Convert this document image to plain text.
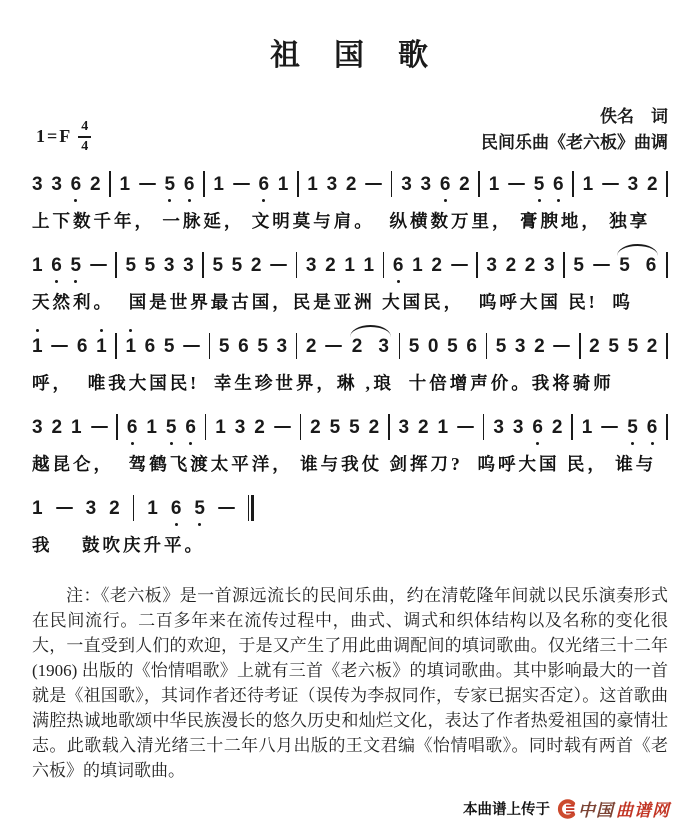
祖　国　歌
1 = F $\frac{4}{4}$
佚名　词
民间乐曲《老六板》曲调
3 3 6 2 1 5 6 1 6 1 1 3 2 3 3 6 2 1 5 6 1 3 2
上下数千年， 一脉延， 文明莫与肩。  纵横数万里， 膏腴地， 独享
1 6 5 5 5 3 3 5 5 2 3 2 1 1 6 1 2 3 2 2 3 5 5 6
天然利。  国是世界最古国，民是亚洲 大国民，  呜呼大国 民!  呜
1 6 1 1 6 5 5 6 5 3 2 2 3 5 0 5 6 5 3 2 2 5 5 2
呼，  唯我大国民!  幸生珍世界，琳 ‚琅  十倍增声价。我将骑师
3 2 1 6 1 5 6 1 3 2 2 5 5 2 3 2 1 3 3 6 2 1 5 6
越昆仑，  驾鹤飞渡太平洋， 谁与我仗 剑挥刀?  呜呼大国 民， 谁与
1 3 2 1 6 5
我    鼓吹庆升平。

注：《老六板》是一首源远流长的民间乐曲，约在清乾隆年间就以民乐演奏形式在民间流行。二百多年来在流传过程中，曲式、调式和织体结构以及名称的变化很大，一直受到人们的欢迎，于是又产生了用此曲调配间的填词歌曲。仅光绪三十二年(1906) 出版的《怡情唱歌》上就有三首《老六板》的填词歌曲。其中影响最大的一首就是《祖国歌》，其词作者还待考证（误传为李叔同作，专家已据实否定）。这首歌曲满腔热诚地歌颂中华民族漫长的悠久历史和灿烂文化，表达了作者热爱祖国的豪情壮志。此歌载入清光绪三十二年八月出版的王文君编《怡情唱歌》。同时载有两首《老六板》的填词歌曲。

本曲谱上传于 中国 曲谱网
